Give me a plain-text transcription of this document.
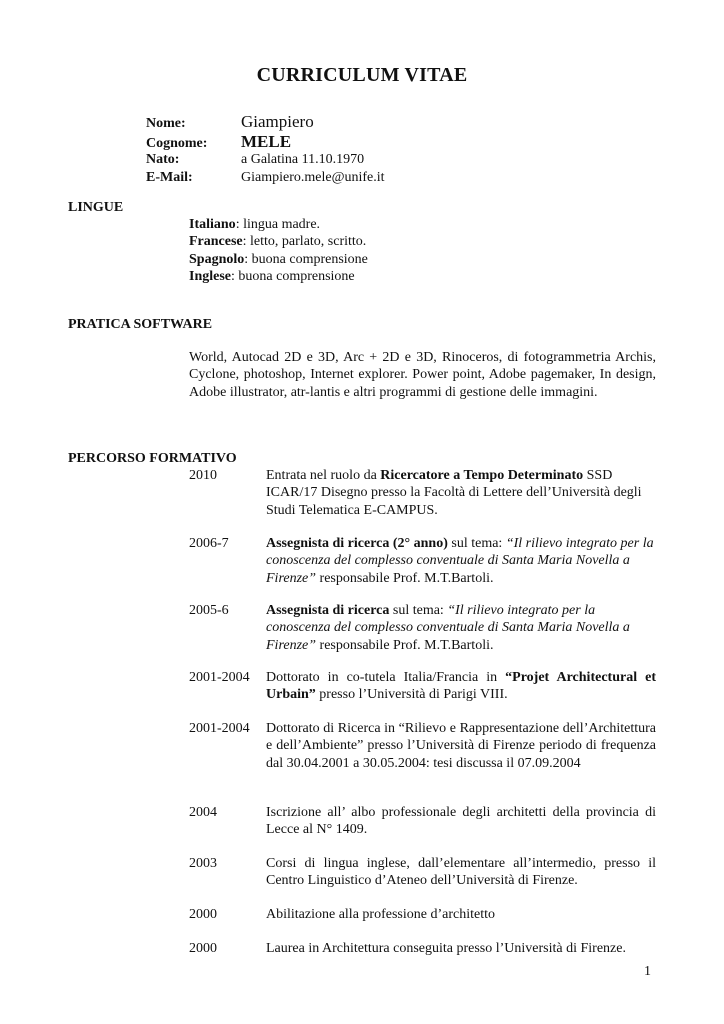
CURRICULUM VITAE
Nome:	Giampiero
Cognome:	MELE
Nato:	a Galatina 11.10.1970
E-Mail:	Giampiero.mele@unife.it
LINGUE
Italiano: lingua madre.
Francese: letto, parlato, scritto.
Spagnolo: buona comprensione
Inglese: buona comprensione
PRATICA SOFTWARE
World, Autocad 2D e 3D, Arc + 2D e 3D, Rinoceros, di fotogrammetria Archis, Cyclone, photoshop, Internet explorer. Power point, Adobe pagemaker, In design, Adobe illustrator, atr-lantis e altri programmi di gestione delle immagini.
PERCORSO FORMATIVO
2010	Entrata nel ruolo da Ricercatore a Tempo Determinato SSD ICAR/17 Disegno presso la Facoltà di Lettere dell’Università degli Studi Telematica E-CAMPUS.
2006-7	Assegnista di ricerca (2° anno) sul tema: “Il rilievo integrato per la conoscenza del complesso conventuale di Santa Maria Novella a Firenze” responsabile Prof. M.T.Bartoli.
2005-6	Assegnista di ricerca sul tema: “Il rilievo integrato per la conoscenza del complesso conventuale di Santa Maria Novella a Firenze” responsabile Prof. M.T.Bartoli.
2001-2004	Dottorato in co-tutela Italia/Francia in “Projet Architectural et Urbain” presso l’Università di Parigi VIII.
2001-2004	Dottorato di Ricerca in “Rilievo e Rappresentazione dell’Architettura e dell’Ambiente” presso l’Università di Firenze periodo di frequenza dal 30.04.2001 a 30.05.2004: tesi discussa il 07.09.2004
2004	Iscrizione all’ albo professionale degli architetti della provincia di Lecce al N° 1409.
2003	Corsi di lingua inglese, dall’elementare all’intermedio, presso il Centro Linguistico d’Ateneo dell’Università di Firenze.
2000	Abilitazione alla professione d’architetto
2000	Laurea in Architettura conseguita presso l’Università di Firenze.
1
